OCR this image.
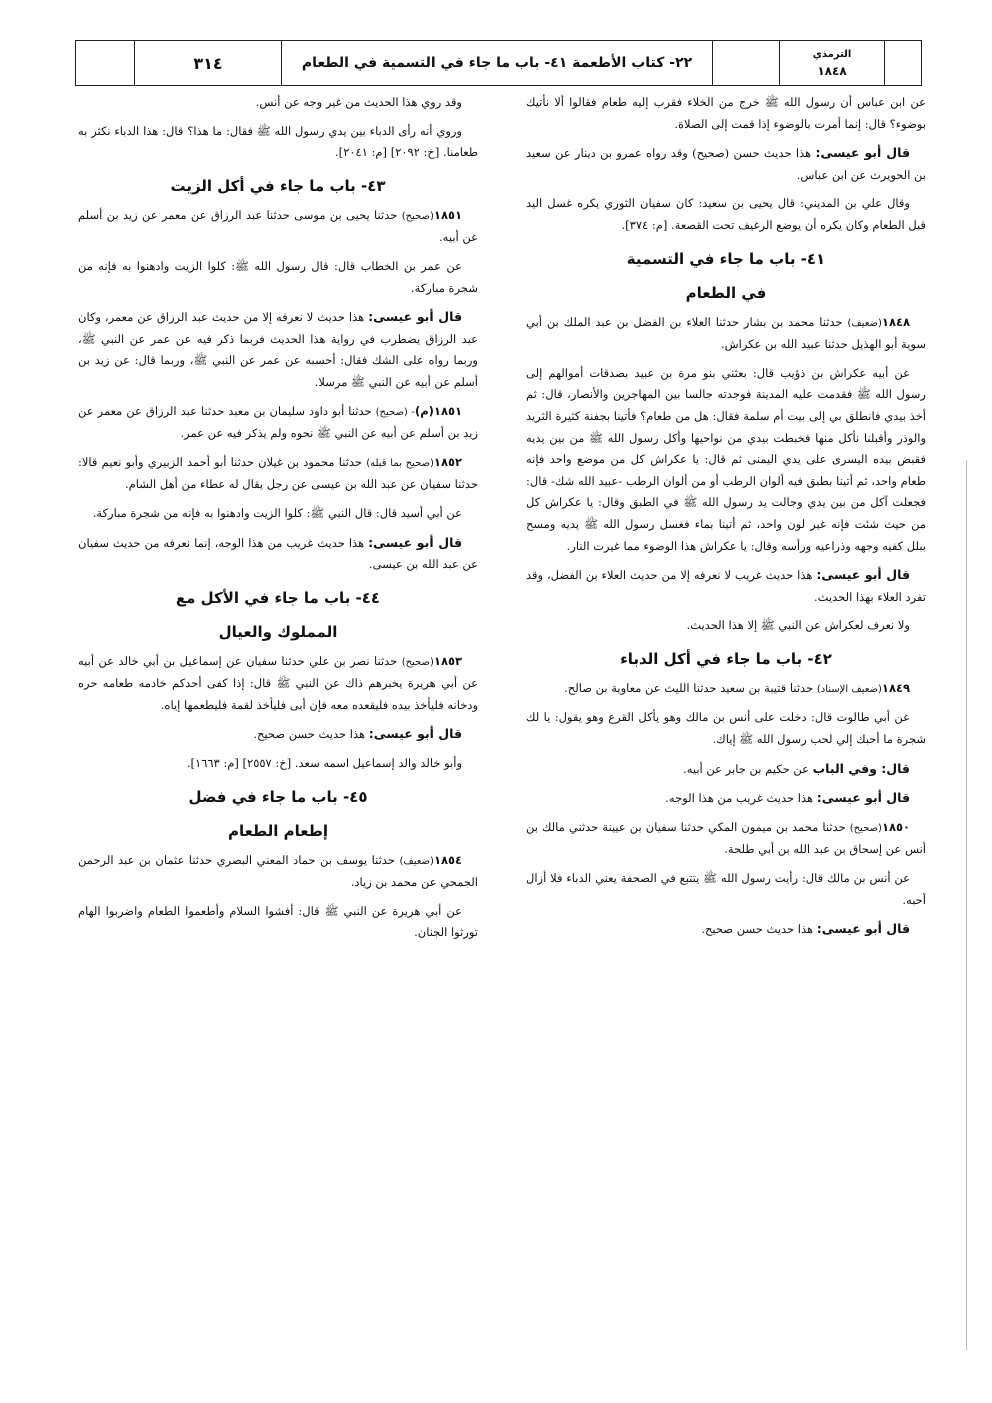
٣١٤	٢٢- كتاب الأطعمة ٤١- باب ما جاء في التسمية في الطعام
الترمذي
١٨٤٨

عن ابن عباس أن رسول الله ﷺ خرج من الخلاء فقرب إليه طعام فقالوا ألا نأتيك بوضوء؟ قال: إنما أمرت بالوضوء إذا قمت إلى الصلاة.

قال أبو عيسى: هذا حديث حسن (صحيح) وقد رواه عمرو بن دينار عن سعيد بن الحويرث عن ابن عباس.

وقال علي بن المديني: قال يحيى بن سعيد: كان سفيان الثوري يكره غسل اليد قبل الطعام وكان يكره أن يوضع الرغيف تحت القصعة. [م: ٣٧٤].

٤١- باب ما جاء في التسمية
في الطعام

١٨٤٨(ضعيف) حدثنا محمد بن بشار حدثنا العلاء بن الفضل بن عبد الملك بن أبي سوية أبو الهذيل حدثنا عبيد الله بن عكراش.

عن أبيه عكراش بن ذؤيب قال: بعثني بنو مرة بن عبيد بصدقات أموالهم إلى رسول الله ﷺ فقدمت عليه المدينة فوجدته جالسا بين المهاجرين والأنصار، قال: ثم أخذ بيدي فانطلق بي إلى بيت أم سلمة فقال: هل من طعام؟ فأتينا بجفنة كثيرة الثريد والوذر وأقبلنا نأكل منها فخبطت بيدي من نواحيها وأكل رسول الله ﷺ من بين يديه فقبض بيده اليسرى على يدي اليمنى ثم قال: يا عكراش كل من موضع واحد فإنه طعام واحد، ثم أتينا بطبق فيه ألوان الرطب أو من ألوان الرطب -عبيد الله شك- قال: فجعلت آكل من بين يدي وجالت يد رسول الله ﷺ في الطبق وقال: يا عكراش كل من حيث شئت فإنه غير لون واحد، ثم أتينا بماء فغسل رسول الله ﷺ يديه ومسح ببلل كفيه وجهه وذراعيه ورأسه وقال: يا عكراش هذا الوضوء مما غيرت النار.

قال أبو عيسى: هذا حديث غريب لا نعرفه إلا من حديث العلاء بن الفضل، وقد تفرد العلاء بهذا الحديث.

ولا نعرف لعكراش عن النبي ﷺ إلا هذا الحديث.

٤٢- باب ما جاء في أكل الدباء

١٨٤٩(ضعيف الإسناد) حدثنا قتيبة بن سعيد حدثنا الليث عن معاوية بن صالح.

عن أبي طالوت قال: دخلت على أنس بن مالك وهو يأكل القرع وهو يقول: يا لك شجرة ما أحبك إلي لحب رسول الله ﷺ إياك.

قال: وفي الباب عن حكيم بن جابر عن أبيه.

قال أبو عيسى: هذا حديث غريب من هذا الوجه.

١٨٥٠(صحيح) حدثنا محمد بن ميمون المكي حدثنا سفيان بن عيينة حدثني مالك بن أنس عن إسحاق بن عبد الله بن أبي طلحة.

عن أنس بن مالك قال: رأيت رسول الله ﷺ يتتبع في الصحفة يعني الدباء فلا أزال أحبه.

قال أبو عيسى: هذا حديث حسن صحيح.

وقد روي هذا الحديث من غير وجه عن أنس.

وروي أنه رأى الدباء بين يدي رسول الله ﷺ فقال: ما هذا؟ قال: هذا الدباء نكثر به طعامنا. [خ: ٢٠٩٢] [م: ٢٠٤١].

٤٣- باب ما جاء في أكل الزيت

١٨٥١(صحيح) حدثنا يحيى بن موسى حدثنا عبد الرزاق عن معمر عن زيد بن أسلم عن أبيه.

عن عمر بن الخطاب قال: قال رسول الله ﷺ: كلوا الزيت وادهنوا به فإنه من شجرة مباركة.

قال أبو عيسى: هذا حديث لا نعرفه إلا من حديث عبد الرزاق عن معمر، وكان عبد الرزاق يضطرب في رواية هذا الحديث فربما ذكر فيه عن عمر عن النبي ﷺ، وربما رواه على الشك فقال: أحسبه عن عمر عن النبي ﷺ، وربما قال: عن زيد بن أسلم عن أبيه عن النبي ﷺ مرسلا.

١٨٥١(م)- (صحيح) حدثنا أبو داود سليمان بن معبد حدثنا عبد الرزاق عن معمر عن زيد بن أسلم عن أبيه عن النبي ﷺ نحوه ولم يذكر فيه عن عمر.

١٨٥٢(صحيح بما قبله) حدثنا محمود بن غيلان حدثنا أبو أحمد الزبيري وأبو نعيم قالا: حدثنا سفيان عن عبد الله بن عيسى عن رجل يقال له عطاء من أهل الشام.

عن أبي أسيد قال: قال النبي ﷺ: كلوا الزيت وادهنوا به فإنه من شجرة مباركة.

قال أبو عيسى: هذا حديث غريب من هذا الوجه، إنما نعرفه من حديث سفيان عن عبد الله بن عيسى.

٤٤- باب ما جاء في الأكل مع
المملوك والعيال

١٨٥٣(صحيح) حدثنا نصر بن علي حدثنا سفيان عن إسماعيل بن أبي خالد عن أبيه عن أبي هريرة يخبرهم ذاك عن النبي ﷺ قال: إذا كفى أحدكم خادمه طعامه حره ودخانه فليأخذ بيده فليقعده معه فإن أبى فليأخذ لقمة فليطعمها إياه.

قال أبو عيسى: هذا حديث حسن صحيح.

وأبو خالد والد إسماعيل اسمه سعد. [خ: ٢٥٥٧] [م: ١٦٦٣].

٤٥- باب ما جاء في فضل
إطعام الطعام

١٨٥٤(ضعيف) حدثنا يوسف بن حماد المعني البصري حدثنا عثمان بن عبد الرحمن الجمحي عن محمد بن زياد.

عن أبي هريرة عن النبي ﷺ قال: أفشوا السلام وأطعموا الطعام واضربوا الهام تورثوا الجنان.
